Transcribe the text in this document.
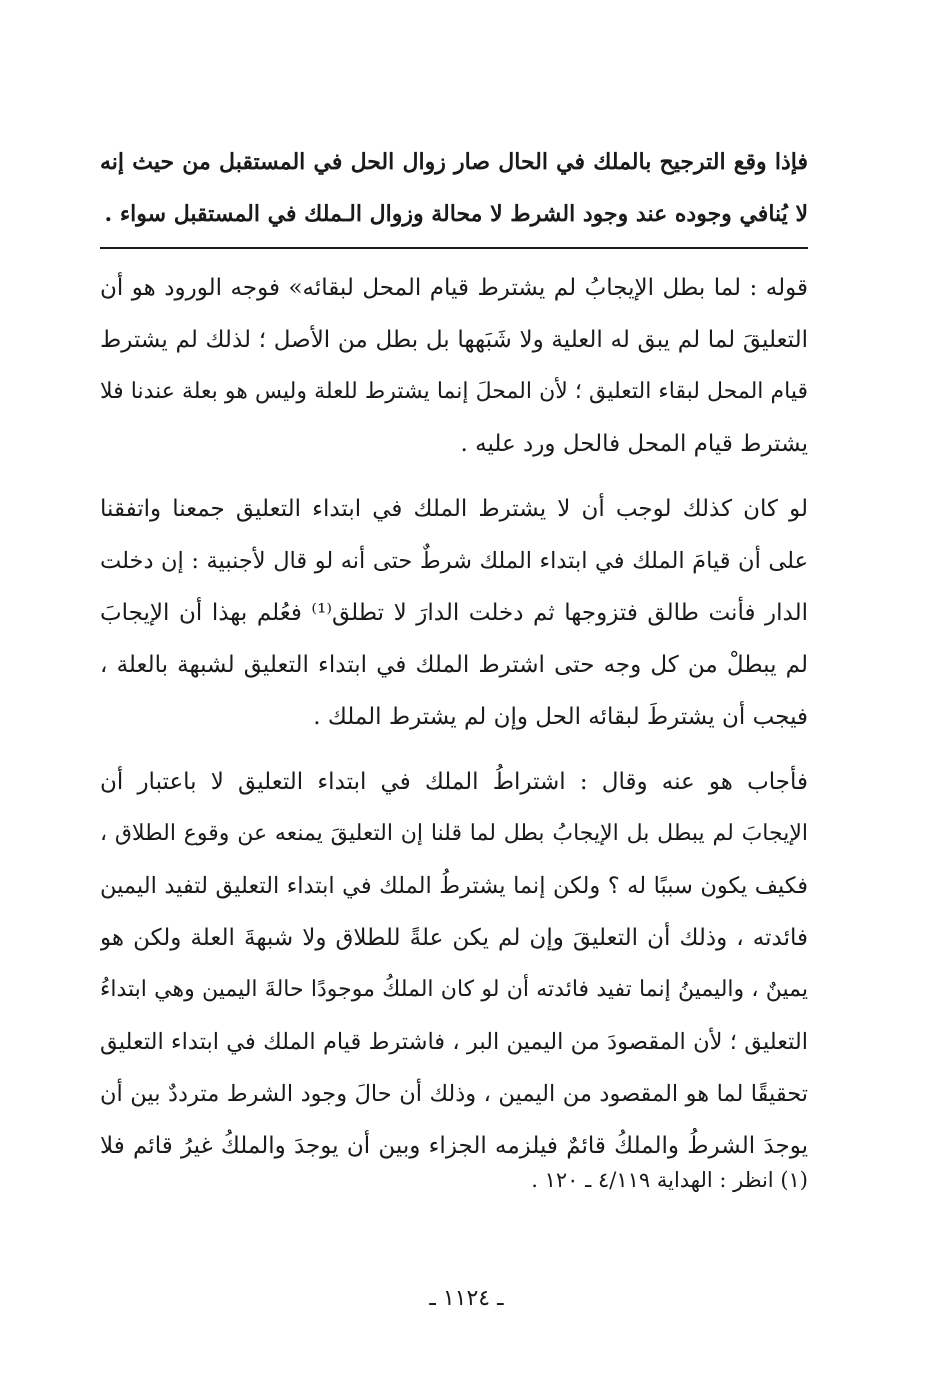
فإذا وقع الترجيح بالملك في الحال صار زوال الحل في المستقبل من حيث إنه
لا يُنافي وجوده عند وجود الشرط لا محالة وزوال الـملك في المستقبل سواء .
قوله : لما بطل الإيجابُ لم يشترط قيام المحل لبقائه» فوجه الورود هو أن
التعليقَ لما لم يبق له العلية ولا شَبَهها بل بطل من الأصل ؛ لذلك لم يشترط
قيام المحل لبقاء التعليق ؛ لأن المحلَ إنما يشترط للعلة وليس هو بعلة عندنا فلا
يشترط قيام المحل فالحل ورد عليه .
لو كان كذلك لوجب أن لا يشترط الملك في ابتداء التعليق جمعنا واتفقنا
على أن قيامَ الملك في ابتداء الملك شرطٌ حتى أنه لو قال لأجنبية : إن دخلت
الدار فأنت طالق فتزوجها ثم دخلت الدارَ لا تطلق⁽¹⁾ فعُلم بهذا أن الإيجابَ
لم يبطلْ من كل وجه حتى اشترط الملك في ابتداء التعليق لشبهة بالعلة ،
فيجب أن يشترطَ لبقائه الحل وإن لم يشترط الملك .
فأجاب هو عنه وقال : اشتراطُ الملك في ابتداء التعليق لا باعتبار أن
الإيجابَ لم يبطل بل الإيجابُ بطل لما قلنا إن التعليقَ يمنعه عن وقوع الطلاق ،
فكيف يكون سببًا له ؟ ولكن إنما يشترطُ الملك في ابتداء التعليق لتفيد اليمين
فائدته ، وذلك أن التعليقَ وإن لم يكن علةً للطلاق ولا شبهةَ العلة ولكن هو
يمينٌ ، واليمينُ إنما تفيد فائدته أن لو كان الملكُ موجودًا حالةَ اليمين وهي ابتداءُ
التعليق ؛ لأن المقصودَ من اليمين البر ، فاشترط قيام الملك في ابتداء التعليق
تحقيقًا لما هو المقصود من اليمين ، وذلك أن حالَ وجود الشرط مترددٌ بين أن
يوجدَ الشرطُ والملكُ قائمٌ فيلزمه الجزاء وبين أن يوجدَ والملكُ غيرُ قائم فلا
(١) انظر : الهداية ٤/١١٩ ـ ١٢٠ .
ـ ١١٢٤ ـ
